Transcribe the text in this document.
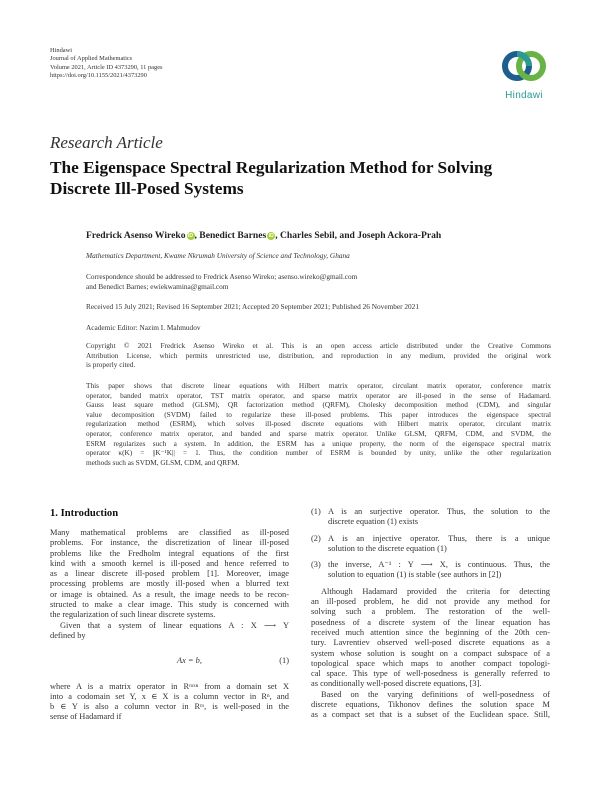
Hindawi
Journal of Applied Mathematics
Volume 2021, Article ID 4373290, 11 pages
https://doi.org/10.1155/2021/4373290
Hindawi
Research Article
The Eigenspace Spectral Regularization Method for Solving
Discrete Ill-Posed Systems
Fredrick Asenso Wireko iD , Benedict Barnes iD , Charles Sebil, and Joseph Ackora-Prah
Mathematics Department, Kwame Nkrumah University of Science and Technology, Ghana
Correspondence should be addressed to Fredrick Asenso Wireko; asenso.wireko@gmail.com
and Benedict Barnes; ewiekwamina@gmail.com
Received 15 July 2021; Revised 16 September 2021; Accepted 20 September 2021; Published 26 November 2021
Academic Editor: Nazim I. Mahmudov
Copyright © 2021 Fredrick Asenso Wireko et al. This is an open access article distributed under the Creative Commons
Attribution License, which permits unrestricted use, distribution, and reproduction in any medium, provided the original work
is properly cited.
This paper shows that discrete linear equations with Hilbert matrix operator, circulant matrix operator, conference matrix
operator, banded matrix operator, TST matrix operator, and sparse matrix operator are ill-posed in the sense of Hadamard.
Gauss least square method (GLSM), QR factorization method (QRFM), Cholesky decomposition method (CDM), and singular
value decomposition (SVDM) failed to regularize these ill-posed problems. This paper introduces the eigenspace spectral
regularization method (ESRM), which solves ill-posed discrete equations with Hilbert matrix operator, circulant matrix
operator, conference matrix operator, and banded and sparse matrix operator. Unlike GLSM, QRFM, CDM, and SVDM, the
ESRM regularizes such a system. In addition, the ESRM has a unique property, the norm of the eigenspace spectral matrix
operator κ(K) = ||K⁻¹K|| = 1. Thus, the condition number of ESRM is bounded by unity, unlike the other regularization
methods such as SVDM, GLSM, CDM, and QRFM.
1. Introduction
Many mathematical problems are classified as ill-posed
problems. For instance, the discretization of linear ill-posed
problems like the Fredholm integral equations of the first
kind with a smooth kernel is ill-posed and hence referred to
as a linear discrete ill-posed problem [1]. Moreover, image
processing problems are mostly ill-posed when a blurred text
or image is obtained. As a result, the image needs to be recon-
structed to make a clear image. This study is concerned with
the regularization of such linear discrete systems.
Given that a system of linear equations A : X ⟶ Y
defined by
Ax = b,	(1)
where A is a matrix operator in Rᵐˣⁿ from a domain set X
into a codomain set Y, x ∈ X is a column vector in Rⁿ, and
b ∈ Y is also a column vector in Rᵐ, is well-posed in the
sense of Hadamard if
(1) A is an surjective operator. Thus, the solution to the
discrete equation (1) exists
(2) A is an injective operator. Thus, there is a unique
solution to the discrete equation (1)
(3) the inverse, A⁻¹ : Y ⟶ X, is continuous. Thus, the
solution to equation (1) is stable (see authors in [2])
Although Hadamard provided the criteria for detecting
an ill-posed problem, he did not provide any method for
solving such a problem. The restoration of the well-
posedness of a discrete system of the linear equation has
received much attention since the beginning of the 20th cen-
tury. Lavrentiev observed well-posed discrete equations as a
system whose solution is sought on a compact subspace of a
topological space which maps to another compact topologi-
cal space. This type of well-posedness is generally referred to
as conditionally well-posed discrete equations, [3].
Based on the varying definitions of well-posedness of
discrete equations, Tikhonov defines the solution space M
as a compact set that is a subset of the Euclidean space. Still,
